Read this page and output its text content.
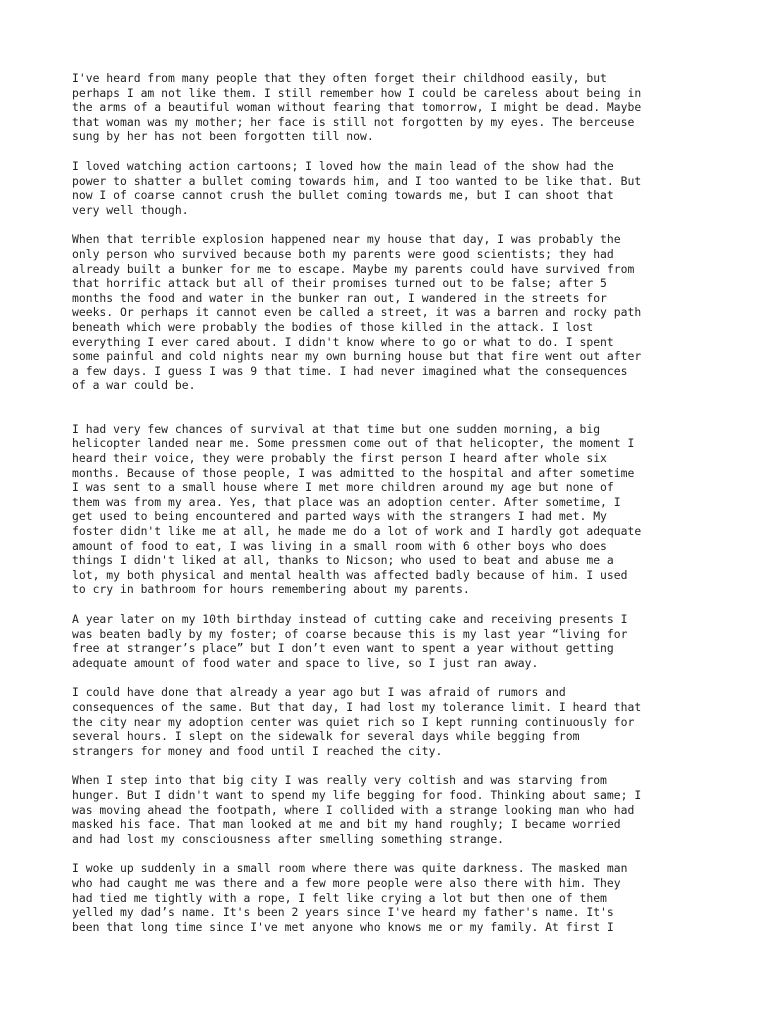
I've heard from many people that they often forget their childhood easily, but
perhaps I am not like them. I still remember how I could be careless about being in
the arms of a beautiful woman without fearing that tomorrow, I might be dead. Maybe
that woman was my mother; her face is still not forgotten by my eyes. The berceuse
sung by her has not been forgotten till now.

I loved watching action cartoons; I loved how the main lead of the show had the
power to shatter a bullet coming towards him, and I too wanted to be like that. But
now I of coarse cannot crush the bullet coming towards me, but I can shoot that
very well though.

When that terrible explosion happened near my house that day, I was probably the
only person who survived because both my parents were good scientists; they had
already built a bunker for me to escape. Maybe my parents could have survived from
that horrific attack but all of their promises turned out to be false; after 5
months the food and water in the bunker ran out, I wandered in the streets for
weeks. Or perhaps it cannot even be called a street, it was a barren and rocky path
beneath which were probably the bodies of those killed in the attack. I lost
everything I ever cared about. I didn't know where to go or what to do. I spent
some painful and cold nights near my own burning house but that fire went out after
a few days. I guess I was 9 that time. I had never imagined what the consequences
of a war could be.

I had very few chances of survival at that time but one sudden morning, a big
helicopter landed near me. Some pressmen come out of that helicopter, the moment I
heard their voice, they were probably the first person I heard after whole six
months. Because of those people, I was admitted to the hospital and after sometime
I was sent to a small house where I met more children around my age but none of
them was from my area. Yes, that place was an adoption center. After sometime, I
get used to being encountered and parted ways with the strangers I had met. My
foster didn't like me at all, he made me do a lot of work and I hardly got adequate
amount of food to eat, I was living in a small room with 6 other boys who does
things I didn't liked at all, thanks to Nicson; who used to beat and abuse me a
lot, my both physical and mental health was affected badly because of him. I used
to cry in bathroom for hours remembering about my parents.

A year later on my 10th birthday instead of cutting cake and receiving presents I
was beaten badly by my foster; of coarse because this is my last year “living for
free at stranger’s place” but I don’t even want to spent a year without getting
adequate amount of food water and space to live, so I just ran away.

I could have done that already a year ago but I was afraid of rumors and
consequences of the same. But that day, I had lost my tolerance limit. I heard that
the city near my adoption center was quiet rich so I kept running continuously for
several hours. I slept on the sidewalk for several days while begging from
strangers for money and food until I reached the city.

When I step into that big city I was really very coltish and was starving from
hunger. But I didn't want to spend my life begging for food. Thinking about same; I
was moving ahead the footpath, where I collided with a strange looking man who had
masked his face. That man looked at me and bit my hand roughly; I became worried
and had lost my consciousness after smelling something strange.

I woke up suddenly in a small room where there was quite darkness. The masked man
who had caught me was there and a few more people were also there with him. They
had tied me tightly with a rope, I felt like crying a lot but then one of them
yelled my dad’s name. It's been 2 years since I've heard my father's name. It's
been that long time since I've met anyone who knows me or my family. At first I
